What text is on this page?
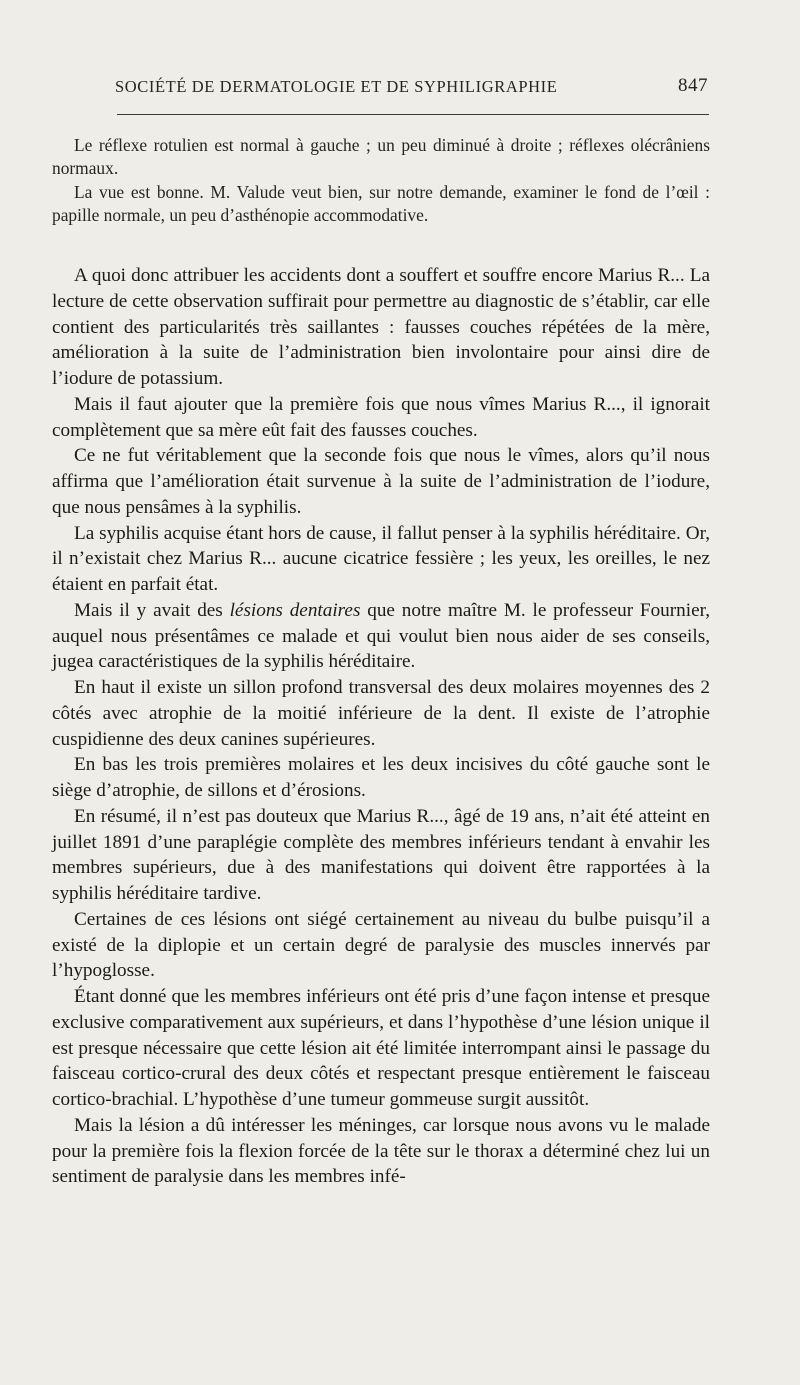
SOCIÉTÉ DE DERMATOLOGIE ET DE SYPHILIGRAPHIE	847

Le réflexe rotulien est normal à gauche ; un peu diminué à droite ; réflexes olécrâniens normaux.

La vue est bonne. M. Valude veut bien, sur notre demande, examiner le fond de l’œil : papille normale, un peu d’asthénopie accommodative.

A quoi donc attribuer les accidents dont a souffert et souffre encore Marius R... La lecture de cette observation suffirait pour permettre au diagnostic de s’établir, car elle contient des particularités très saillantes : fausses couches répétées de la mère, amélioration à la suite de l’administration bien involontaire pour ainsi dire de l’iodure de potassium.

Mais il faut ajouter que la première fois que nous vîmes Marius R..., il ignorait complètement que sa mère eût fait des fausses couches.

Ce ne fut véritablement que la seconde fois que nous le vîmes, alors qu’il nous affirma que l’amélioration était survenue à la suite de l’administration de l’iodure, que nous pensâmes à la syphilis.

La syphilis acquise étant hors de cause, il fallut penser à la syphilis héréditaire. Or, il n’existait chez Marius R... aucune cicatrice fessière ; les yeux, les oreilles, le nez étaient en parfait état.

Mais il y avait des lésions dentaires que notre maître M. le professeur Fournier, auquel nous présentâmes ce malade et qui voulut bien nous aider de ses conseils, jugea caractéristiques de la syphilis héréditaire.

En haut il existe un sillon profond transversal des deux molaires moyennes des 2 côtés avec atrophie de la moitié inférieure de la dent. Il existe de l’atrophie cuspidienne des deux canines supérieures.

En bas les trois premières molaires et les deux incisives du côté gauche sont le siège d’atrophie, de sillons et d’érosions.

En résumé, il n’est pas douteux que Marius R..., âgé de 19 ans, n’ait été atteint en juillet 1891 d’une paraplégie complète des membres inférieurs tendant à envahir les membres supérieurs, due à des manifestations qui doivent être rapportées à la syphilis héréditaire tardive.

Certaines de ces lésions ont siégé certainement au niveau du bulbe puisqu’il a existé de la diplopie et un certain degré de paralysie des muscles innervés par l’hypoglosse.

Étant donné que les membres inférieurs ont été pris d’une façon intense et presque exclusive comparativement aux supérieurs, et dans l’hypothèse d’une lésion unique il est presque nécessaire que cette lésion ait été limitée interrompant ainsi le passage du faisceau cortico-crural des deux côtés et respectant presque entièrement le faisceau cortico-brachial. L’hypothèse d’une tumeur gommeuse surgit aussitôt.

Mais la lésion a dû intéresser les méninges, car lorsque nous avons vu le malade pour la première fois la flexion forcée de la tête sur le thorax a déterminé chez lui un sentiment de paralysie dans les membres infé-
